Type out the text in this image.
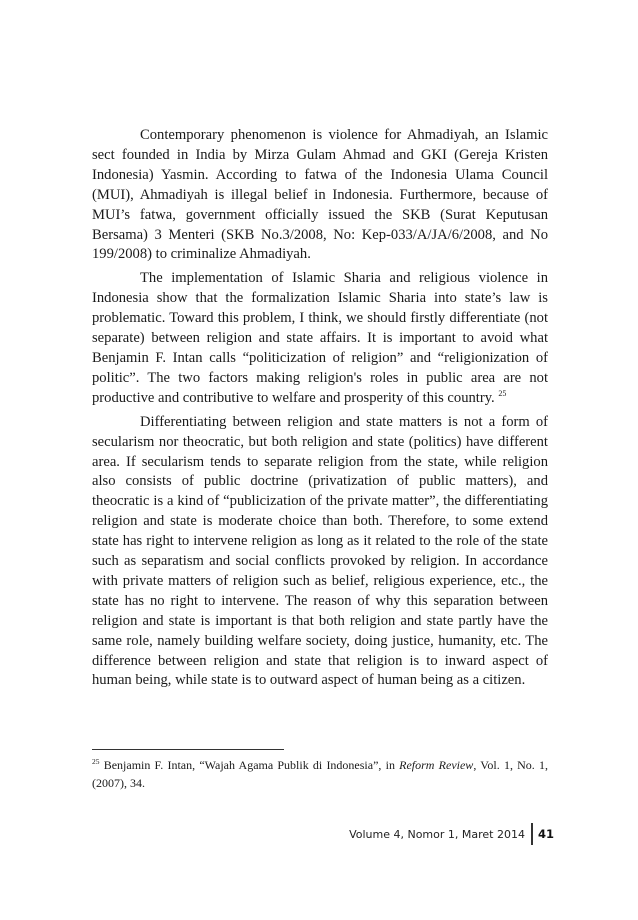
Contemporary phenomenon is violence for Ahmadiyah, an Islamic sect founded in India by Mirza Gulam Ahmad and GKI (Gereja Kristen Indonesia) Yasmin. According to fatwa of the Indonesia Ulama Council (MUI), Ahmadiyah is illegal belief in Indonesia. Furthermore, because of MUI’s fatwa, government officially issued the SKB (Surat Keputusan Bersama) 3 Menteri (SKB No.3/2008, No: Kep-033/A/JA/6/2008, and No 199/2008) to criminalize Ahmadiyah.

The implementation of Islamic Sharia and religious violence in Indonesia show that the formalization Islamic Sharia into state’s law is problematic. Toward this problem, I think, we should firstly differentiate (not separate) between religion and state affairs. It is important to avoid what Benjamin F. Intan calls “politicization of religion” and “religionization of politic”. The two factors making religion's roles in public area are not productive and contributive to welfare and prosperity of this country. $^{25}$

Differentiating between religion and state matters is not a form of secularism nor theocratic, but both religion and state (politics) have different area. If secularism tends to separate religion from the state, while religion also consists of public doctrine (privatization of public matters), and theocratic is a kind of “publicization of the private matter”, the differentiating religion and state is moderate choice than both. Therefore, to some extend state has right to intervene religion as long as it related to the role of the state such as separatism and social conflicts provoked by religion. In accordance with private matters of religion such as belief, religious experience, etc., the state has no right to intervene. The reason of why this separation between religion and state is important is that both religion and state partly have the same role, namely building welfare society, doing justice, humanity, etc. The difference between religion and state that religion is to inward aspect of human being, while state is to outward aspect of human being as a citizen.

$^{25}$ Benjamin F. Intan, “Wajah Agama Publik di Indonesia”, in Reform Review, Vol. 1, No. 1, (2007), 34.

Volume 4, Nomor 1, Maret 2014	41
